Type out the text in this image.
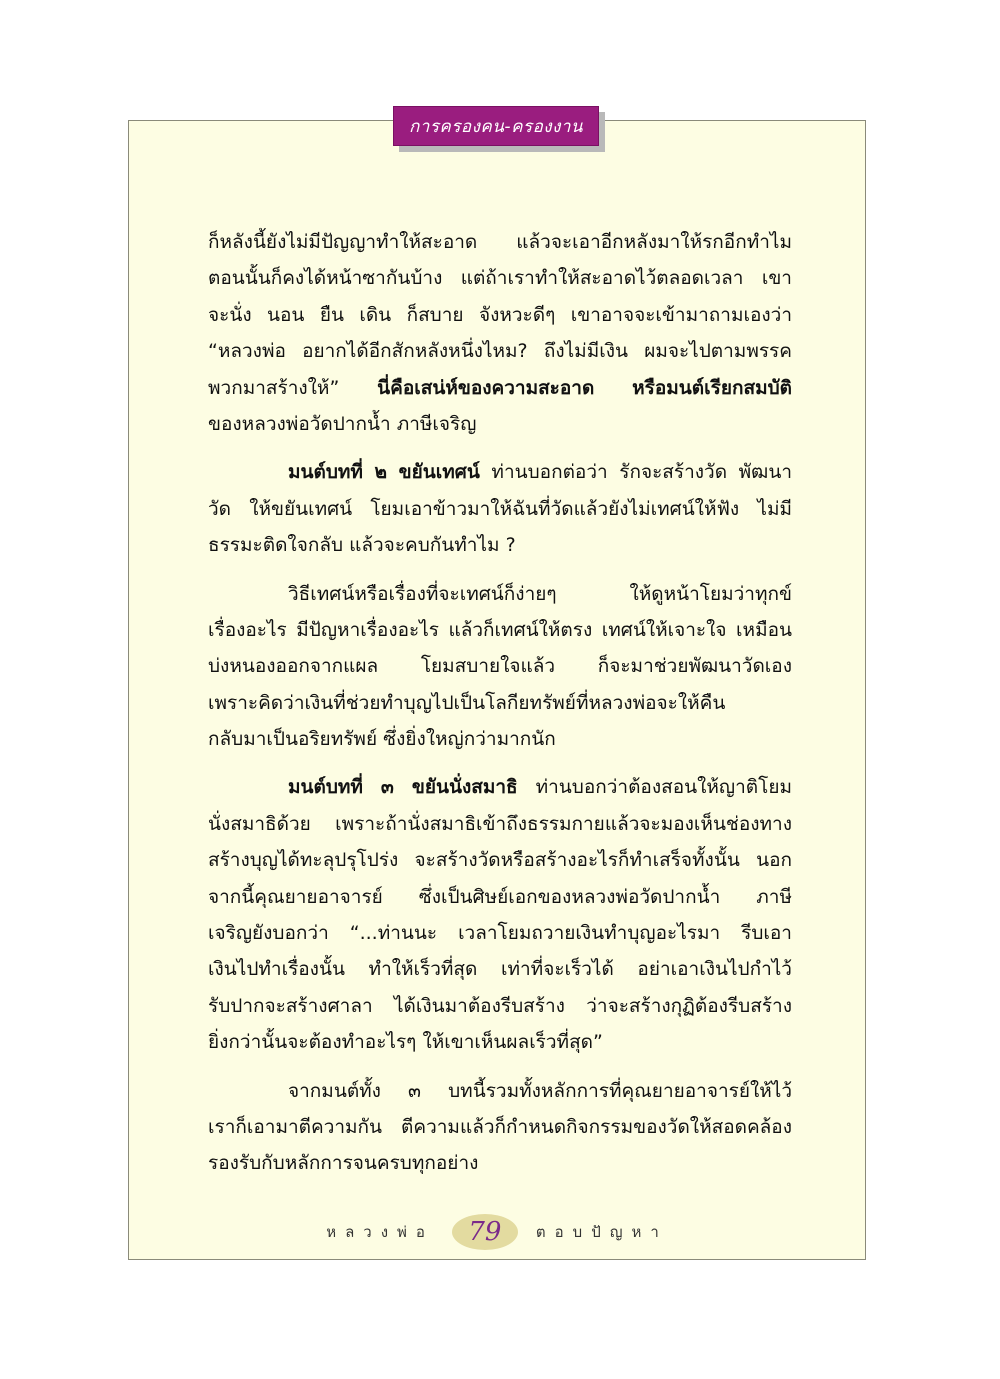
การครองคน-ครองงาน
ก็หลังนี้ยังไม่มีปัญญาทำให้สะอาด แล้วจะเอาอีกหลังมาให้รกอีกทำไม
ตอนนั้นก็คงได้หน้าซากันบ้าง แต่ถ้าเราทำให้สะอาดไว้ตลอดเวลา เขา
จะนั่ง นอน ยืน เดิน ก็สบาย จังหวะดีๆ เขาอาจจะเข้ามาถามเองว่า
“หลวงพ่อ อยากได้อีกสักหลังหนึ่งไหม? ถึงไม่มีเงิน ผมจะไปตามพรรค
พวกมาสร้างให้” นี่คือเสน่ห์ของความสะอาด หรือมนต์เรียกสมบัติ
ของหลวงพ่อวัดปากน้ำ ภาษีเจริญ
มนต์บทที่ ๒ ขยันเทศน์ ท่านบอกต่อว่า รักจะสร้างวัด พัฒนา
วัด ให้ขยันเทศน์ โยมเอาข้าวมาให้ฉันที่วัดแล้วยังไม่เทศน์ให้ฟัง ไม่มี
ธรรมะติดใจกลับ แล้วจะคบกันทำไม ?
วิธีเทศน์หรือเรื่องที่จะเทศน์ก็ง่ายๆ	ให้ดูหน้าโยมว่าทุกข์
เรื่องอะไร มีปัญหาเรื่องอะไร แล้วก็เทศน์ให้ตรง เทศน์ให้เจาะใจ เหมือน
บ่งหนองออกจากแผล โยมสบายใจแล้ว ก็จะมาช่วยพัฒนาวัดเอง
เพราะคิดว่าเงินที่ช่วยทำบุญไปเป็นโลกียทรัพย์ที่หลวงพ่อจะให้คืน
กลับมาเป็นอริยทรัพย์ ซึ่งยิ่งใหญ่กว่ามากนัก
มนต์บทที่ ๓ ขยันนั่งสมาธิ ท่านบอกว่าต้องสอนให้ญาติโยม
นั่งสมาธิด้วย เพราะถ้านั่งสมาธิเข้าถึงธรรมกายแล้วจะมองเห็นช่องทาง
สร้างบุญได้ทะลุปรุโปร่ง จะสร้างวัดหรือสร้างอะไรก็ทำเสร็จทั้งนั้น นอก
จากนี้คุณยายอาจารย์ ซึ่งเป็นศิษย์เอกของหลวงพ่อวัดปากน้ำ ภาษี
เจริญยังบอกว่า “...ท่านนะ เวลาโยมถวายเงินทำบุญอะไรมา รีบเอา
เงินไปทำเรื่องนั้น ทำให้เร็วที่สุด เท่าที่จะเร็วได้ อย่าเอาเงินไปกำไว้
รับปากจะสร้างศาลา ได้เงินมาต้องรีบสร้าง ว่าจะสร้างกุฏิต้องรีบสร้าง
ยิ่งกว่านั้นจะต้องทำอะไรๆ ให้เขาเห็นผลเร็วที่สุด”
จากมนต์ทั้ง ๓ บทนี้รวมทั้งหลักการที่คุณยายอาจารย์ให้ไว้
เราก็เอามาตีความกัน ตีความแล้วก็กำหนดกิจกรรมของวัดให้สอดคล้อง
รองรับกับหลักการจนครบทุกอย่าง
หลวงพ่อ	79	ตอบปัญหา
